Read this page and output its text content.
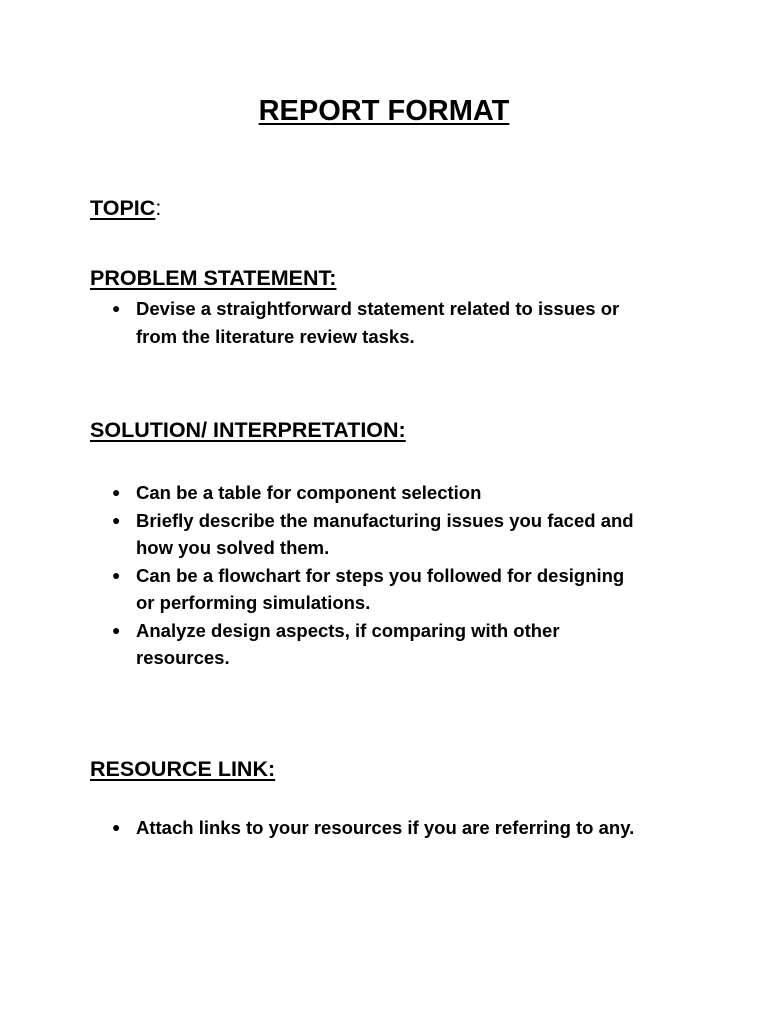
REPORT FORMAT
TOPIC:
PROBLEM STATEMENT:
● Devise a straightforward statement related to issues or
from the literature review tasks.
SOLUTION/ INTERPRETATION:
● Can be a table for component selection
● Briefly describe the manufacturing issues you faced and
how you solved them.
● Can be a flowchart for steps you followed for designing
or performing simulations.
● Analyze design aspects, if comparing with other
resources.
RESOURCE LINK:
● Attach links to your resources if you are referring to any.
